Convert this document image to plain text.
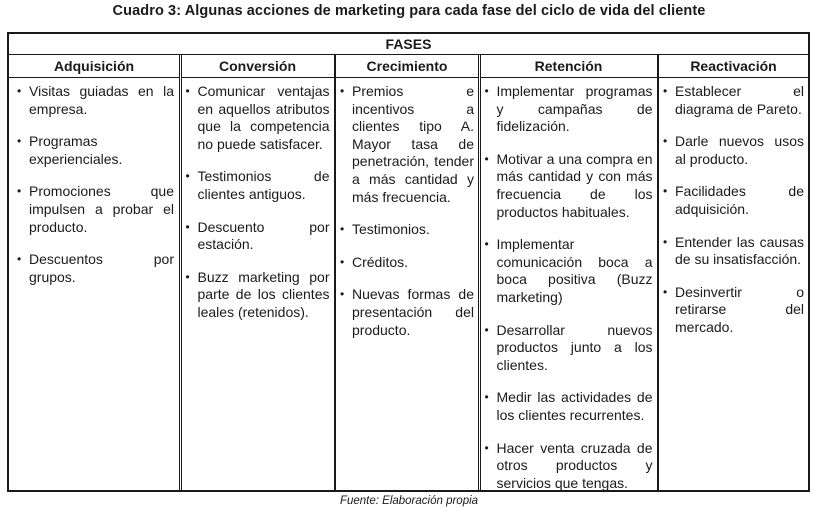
Cuadro 3: Algunas acciones de marketing para cada fase del ciclo de vida del cliente
FASES
Adquisición
• Visitas guiadas en la empresa.
• Programas experienciales.
• Promociones que impulsen a probar el producto.
• Descuentos por grupos.
Conversión
• Comunicar ventajas en aquellos atributos que la competencia no puede satisfacer.
• Testimonios de clientes antiguos.
• Descuento por estación.
• Buzz marketing por parte de los clientes leales (retenidos).
Crecimiento
• Premios e incentivos a clientes tipo A. Mayor tasa de penetración, tender a más cantidad y más frecuencia.
• Testimonios.
• Créditos.
• Nuevas formas de presentación del producto.
Retención
• Implementar programas y campañas de fidelización.
• Motivar a una compra en más cantidad y con más frecuencia de los productos habituales.
• Implementar comunicación boca a boca positiva (Buzz marketing)
• Desarrollar nuevos productos junto a los clientes.
• Medir las actividades de los clientes recurrentes.
• Hacer venta cruzada de otros productos y servicios que tengas.
Reactivación
• Establecer el diagrama de Pareto.
• Darle nuevos usos al producto.
• Facilidades de adquisición.
• Entender las causas de su insatisfacción.
• Desinvertir o retirarse del mercado.
Fuente: Elaboración propia
